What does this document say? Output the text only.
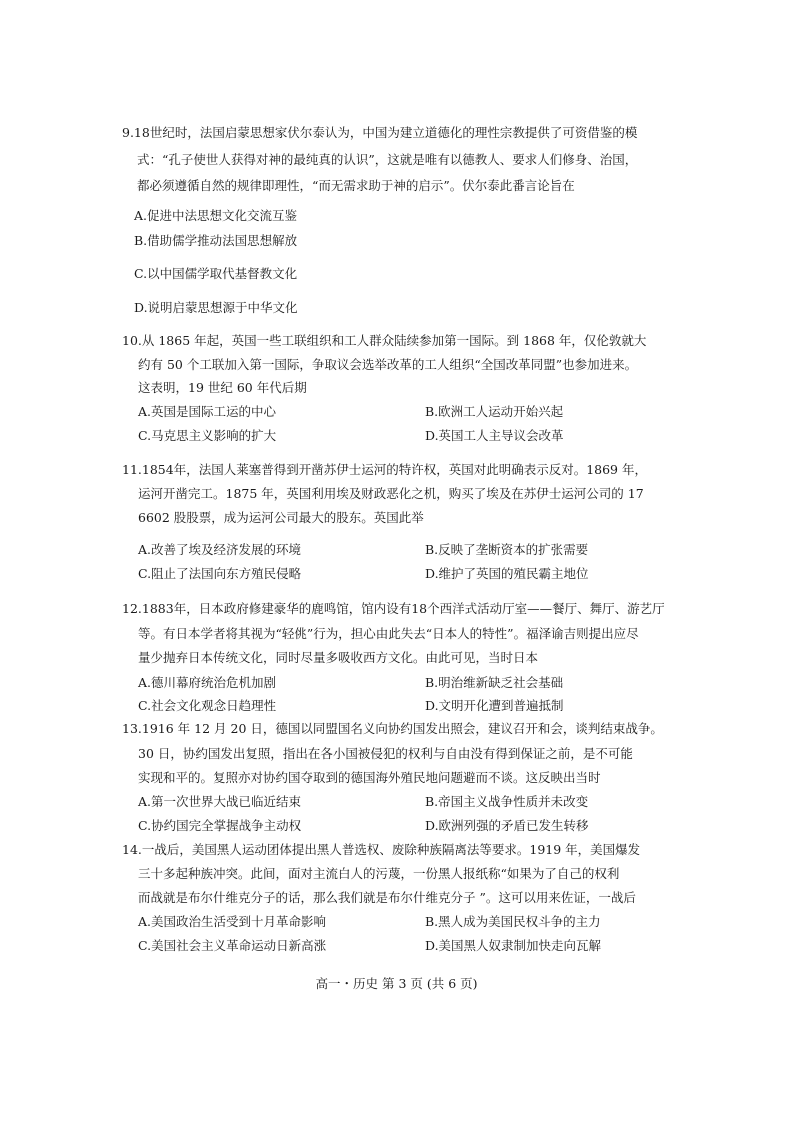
9.18世纪时，法国启蒙思想家伏尔泰认为，中国为建立道德化的理性宗教提供了可资借鉴的模
式：“孔子使世人获得对神的最纯真的认识”，这就是唯有以德教人、要求人们修身、治国，
都必须遵循自然的规律即理性，“而无需求助于神的启示”。伏尔泰此番言论旨在
A.促进中法思想文化交流互鉴
B.借助儒学推动法国思想解放
C.以中国儒学取代基督教文化
D.说明启蒙思想源于中华文化
10.从 1865 年起，英国一些工联组织和工人群众陆续参加第一国际。到 1868 年，仅伦敦就大
约有 50 个工联加入第一国际，争取议会选举改革的工人组织“全国改革同盟”也参加进来。
这表明，19 世纪 60 年代后期
A.英国是国际工运的中心	B.欧洲工人运动开始兴起
C.马克思主义影响的扩大	D.英国工人主导议会改革
11.1854年，法国人莱塞普得到开凿苏伊士运河的特许权，英国对此明确表示反对。1869 年，
运河开凿完工。1875 年，英国利用埃及财政恶化之机，购买了埃及在苏伊士运河公司的 17
6602 股股票，成为运河公司最大的股东。英国此举
A.改善了埃及经济发展的环境	B.反映了垄断资本的扩张需要
C.阻止了法国向东方殖民侵略	D.维护了英国的殖民霸主地位
12.1883年，日本政府修建豪华的鹿鸣馆，馆内设有18个西洋式活动厅室——餐厅、舞厅、游艺厅
等。有日本学者将其视为“轻佻”行为，担心由此失去“日本人的特性”。福泽谕吉则提出应尽
量少抛弃日本传统文化，同时尽量多吸收西方文化。由此可见，当时日本
A.德川幕府统治危机加剧	B.明治维新缺乏社会基础
C.社会文化观念日趋理性	D.文明开化遭到普遍抵制
13.1916 年 12 月 20 日，德国以同盟国名义向协约国发出照会，建议召开和会，谈判结束战争。
30 日，协约国发出复照，指出在各小国被侵犯的权利与自由没有得到保证之前，是不可能
实现和平的。复照亦对协约国夺取到的德国海外殖民地问题避而不谈。这反映出当时
A.第一次世界大战已临近结束	B.帝国主义战争性质并未改变
C.协约国完全掌握战争主动权	D.欧洲列强的矛盾已发生转移
14.一战后，美国黑人运动团体提出黑人普选权、废除种族隔离法等要求。1919 年，美国爆发
三十多起种族冲突。此间，面对主流白人的污蔑，一份黑人报纸称“如果为了自己的权利
而战就是布尔什维克分子的话，那么我们就是布尔什维克分子 ”。这可以用来佐证，一战后
A.美国政治生活受到十月革命影响	B.黑人成为美国民权斗争的主力
C.美国社会主义革命运动日新高涨	D.美国黑人奴隶制加快走向瓦解
高一・历史 第 3 页 (共 6 页)
